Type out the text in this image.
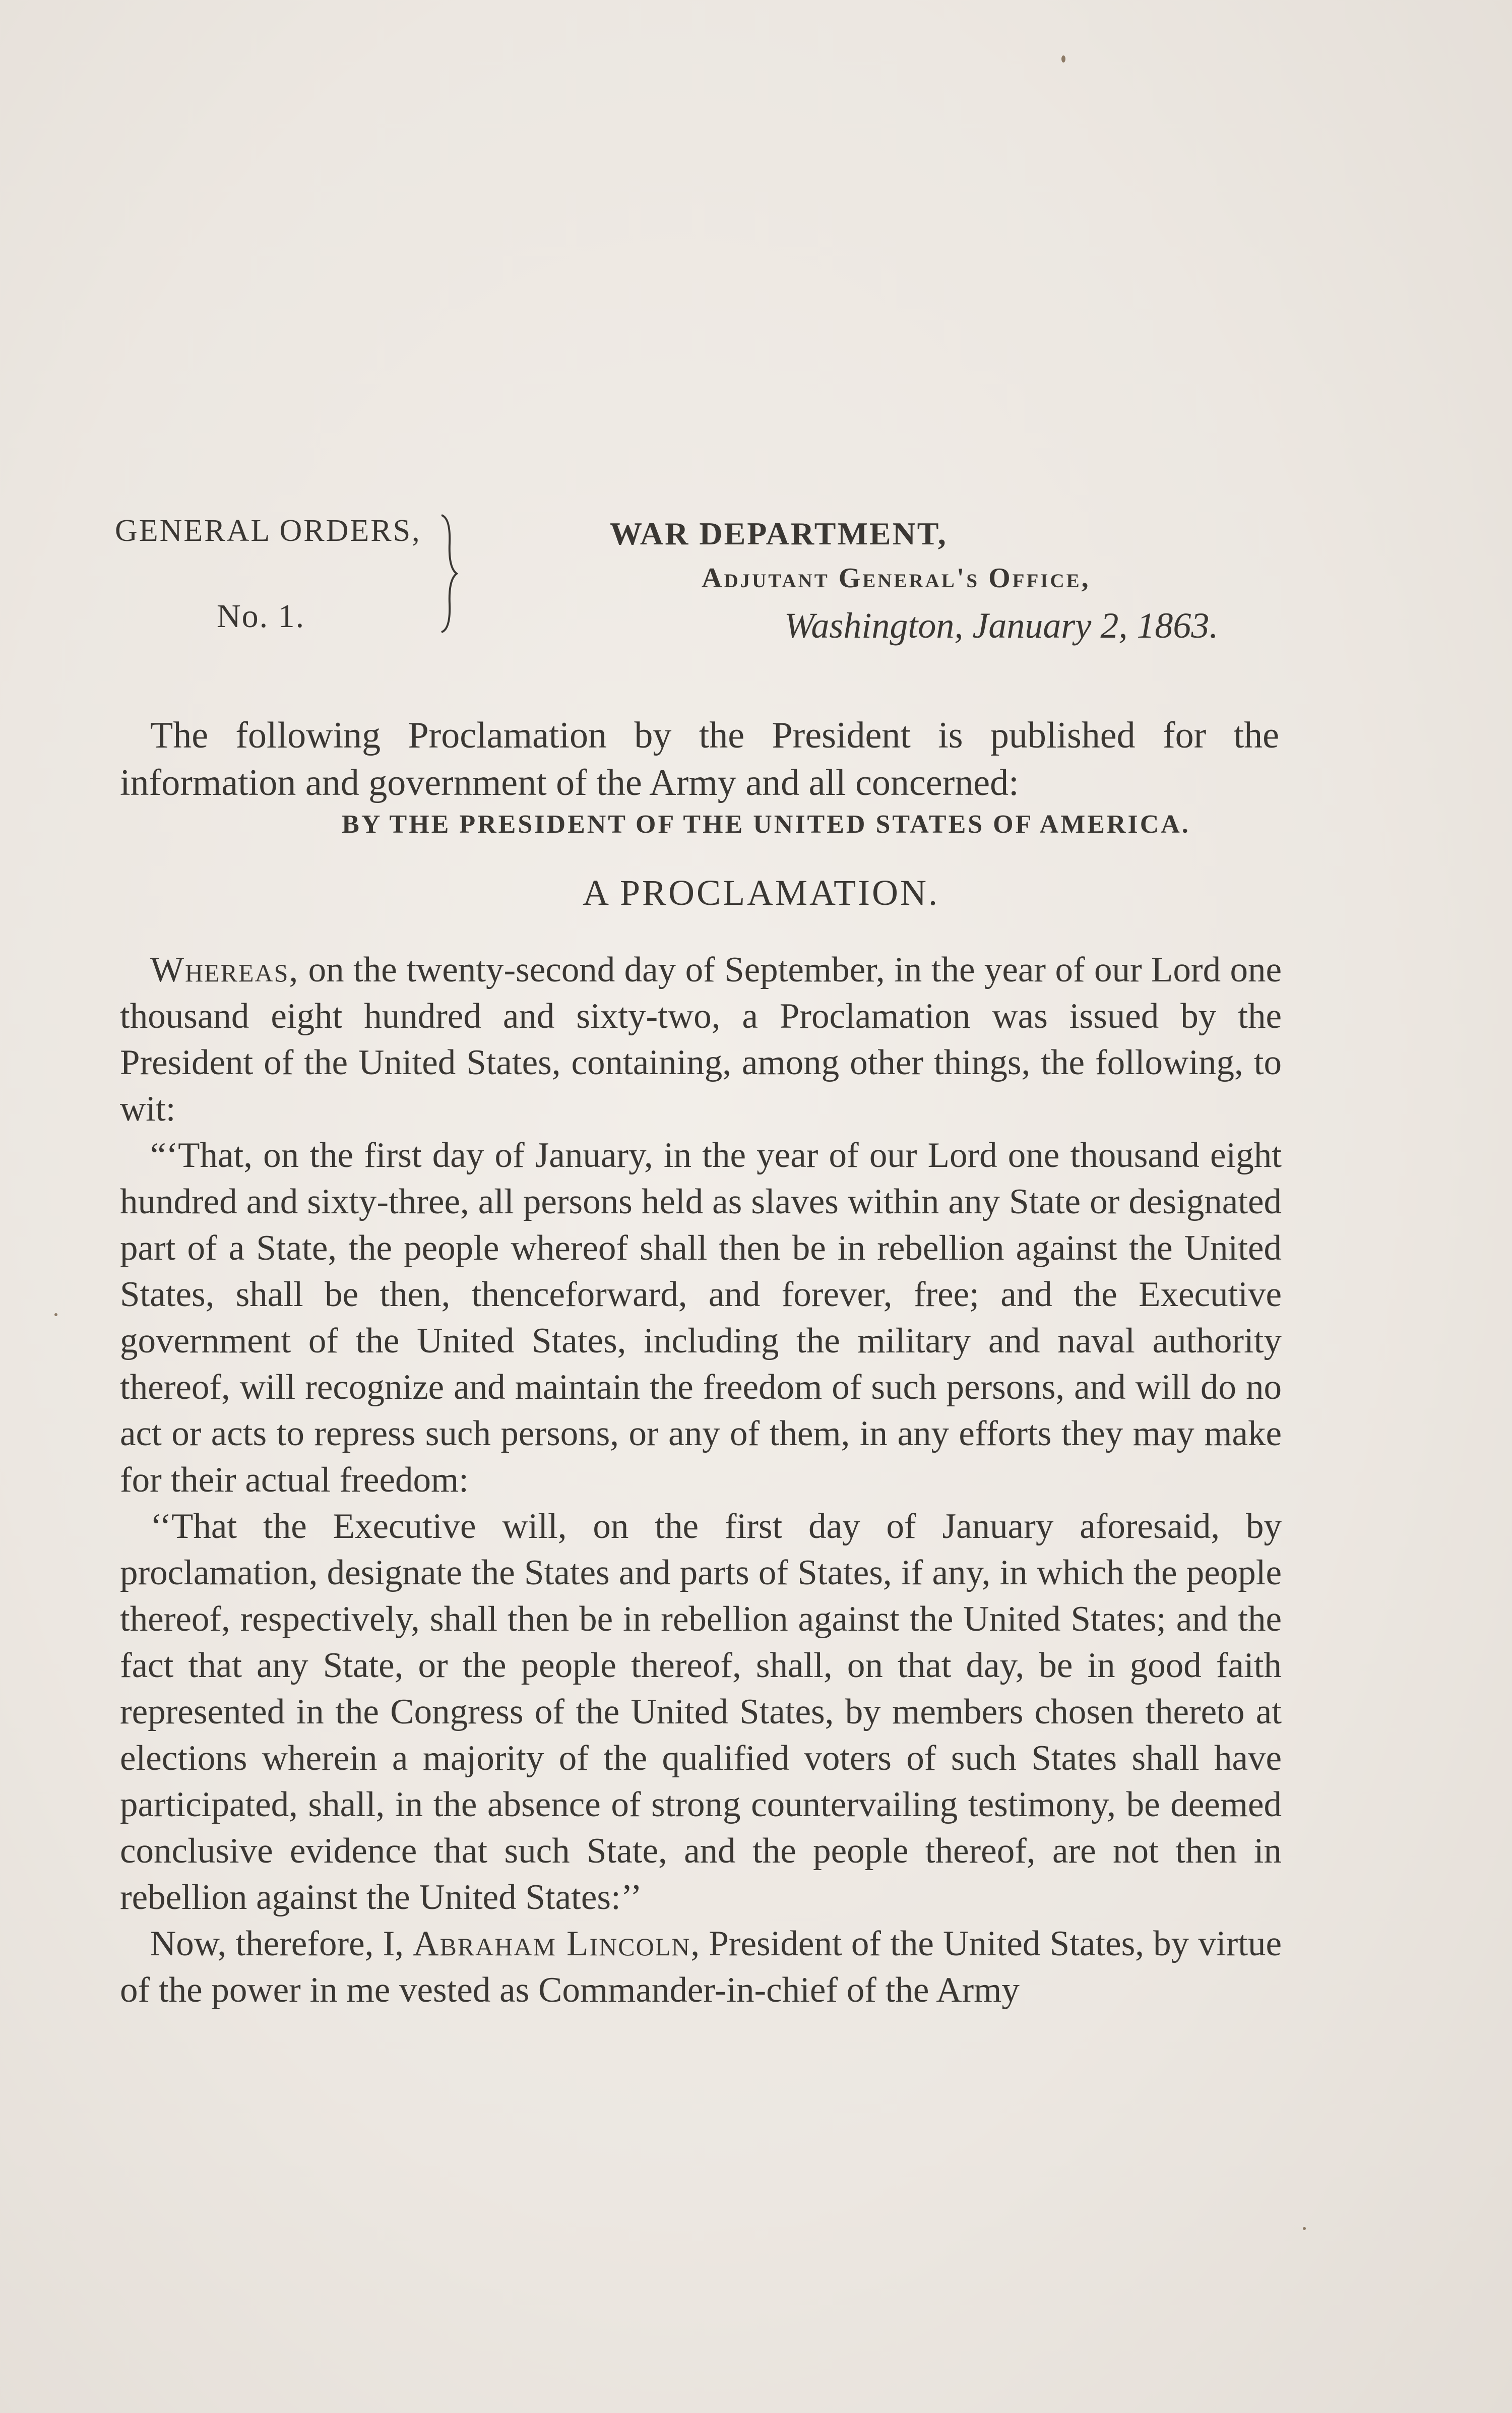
GENERAL ORDERS,
No. 1.
WAR DEPARTMENT,
Adjutant General's Office,
Washington, January 2, 1863.

The following Proclamation by the President is published for the information and government of the Army and all concerned:

BY THE PRESIDENT OF THE UNITED STATES OF AMERICA.
A PROCLAMATION.

Whereas, on the twenty-second day of September, in the year of our Lord one thousand eight hundred and sixty-two, a Proclamation was issued by the President of the United States, containing, among other things, the following, to wit:

“‘That, on the first day of January, in the year of our Lord one thousand eight hundred and sixty-three, all persons held as slaves within any State or designated part of a State, the people whereof shall then be in rebellion against the United States, shall be then, thenceforward, and forever, free; and the Executive government of the United States, including the military and naval authority thereof, will recognize and maintain the freedom of such persons, and will do no act or acts to repress such persons, or any of them, in any efforts they may make for their actual freedom:

‘‘That the Executive will, on the first day of January aforesaid, by proclamation, designate the States and parts of States, if any, in which the people thereof, respectively, shall then be in rebellion against the United States; and the fact that any State, or the people thereof, shall, on that day, be in good faith represented in the Congress of the United States, by members chosen thereto at elections wherein a majority of the qualified voters of such States shall have participated, shall, in the absence of strong countervailing testimony, be deemed conclusive evidence that such State, and the people thereof, are not then in rebellion against the United States:’’

Now, therefore, I, Abraham Lincoln, President of the United States, by virtue of the power in me vested as Commander-in-chief of the Army
